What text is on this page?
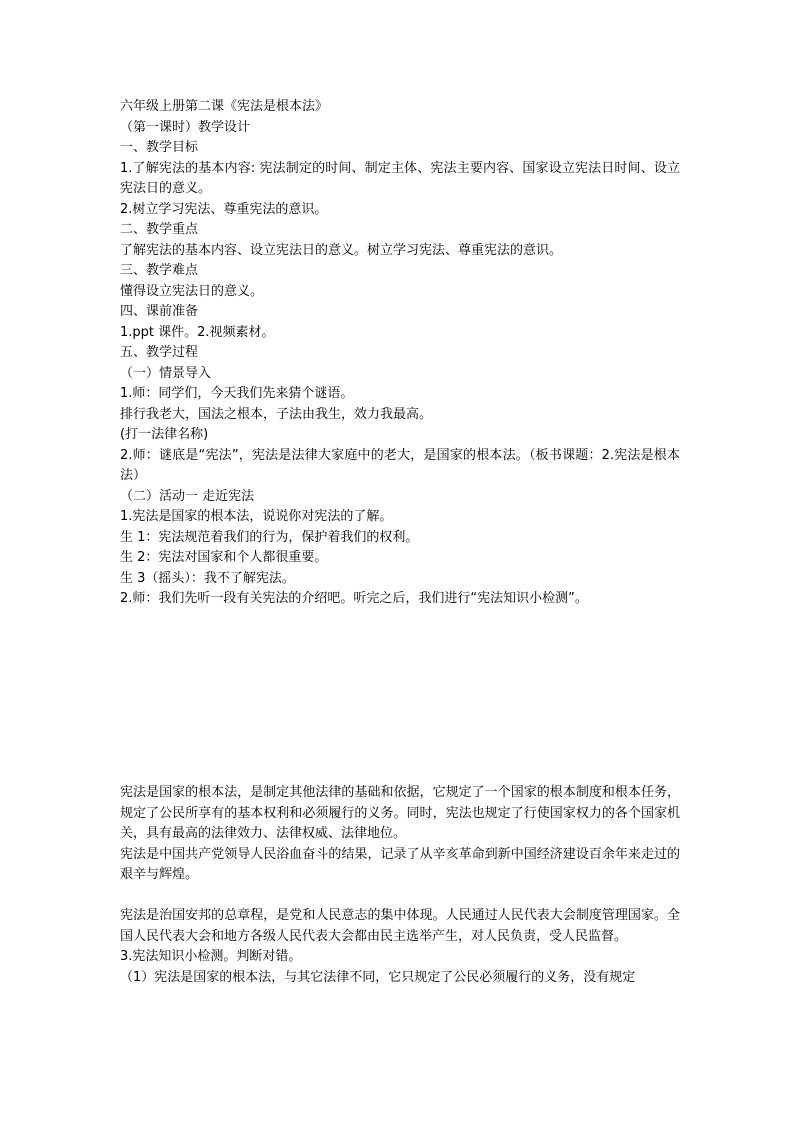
六年级上册第二课《宪法是根本法》
（第一课时）教学设计
一、教学目标
1.了解宪法的基本内容: 宪法制定的时间、制定主体、宪法主要内容、国家设立宪法日时间、设立宪法日的意义。
2.树立学习宪法、尊重宪法的意识。
二、教学重点
了解宪法的基本内容、设立宪法日的意义。树立学习宪法、尊重宪法的意识。
三、教学难点
懂得设立宪法日的意义。
四、课前准备
1.ppt 课件。2.视频素材。
五、教学过程
（一）情景导入
1.师：同学们，今天我们先来猜个谜语。
排行我老大，国法之根本，子法由我生，效力我最高。
(打一法律名称)
2.师：谜底是“宪法”，宪法是法律大家庭中的老大，是国家的根本法。（板书课题：2.宪法是根本法）
（二）活动一 走近宪法
1.宪法是国家的根本法，说说你对宪法的了解。
生 1：宪法规范着我们的行为，保护着我们的权利。
生 2：宪法对国家和个人都很重要。
生 3（摇头）：我不了解宪法。
2.师：我们先听一段有关宪法的介绍吧。听完之后，我们进行“宪法知识小检测”。
宪法是国家的根本法，是制定其他法律的基础和依据，它规定了一个国家的根本制度和根本任务，规定了公民所享有的基本权利和必须履行的义务。同时，宪法也规定了行使国家权力的各个国家机关，具有最高的法律效力、法律权威、法律地位。
宪法是中国共产党领导人民浴血奋斗的结果，记录了从辛亥革命到新中国经济建设百余年来走过的艰辛与辉煌。
宪法是治国安邦的总章程，是党和人民意志的集中体现。人民通过人民代表大会制度管理国家。全国人民代表大会和地方各级人民代表大会都由民主选举产生，对人民负责，受人民监督。
3.宪法知识小检测。判断对错。
（1）宪法是国家的根本法，与其它法律不同，它只规定了公民必须履行的义务，没有规定
